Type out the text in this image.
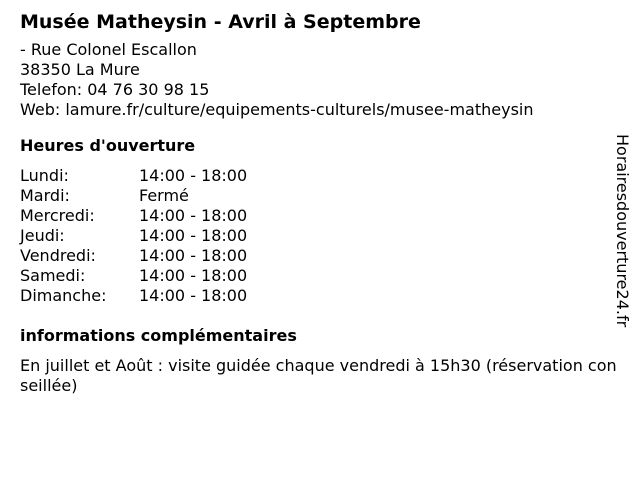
Musée Matheysin - Avril à Septembre
- Rue Colonel Escallon
38350 La Mure
Telefon: 04 76 30 98 15
Web: lamure.fr/culture/equipements-culturels/musee-matheysin
Heures d'ouverture
Lundi:	14:00 - 18:00
Mardi:	Fermé
Mercredi:	14:00 - 18:00
Jeudi:	14:00 - 18:00
Vendredi:	14:00 - 18:00
Samedi:	14:00 - 18:00
Dimanche:	14:00 - 18:00
informations complémentaires
En juillet et Août : visite guidée chaque vendredi à 15h30 (réservation conseillée)
Horairesdouverture24.fr
